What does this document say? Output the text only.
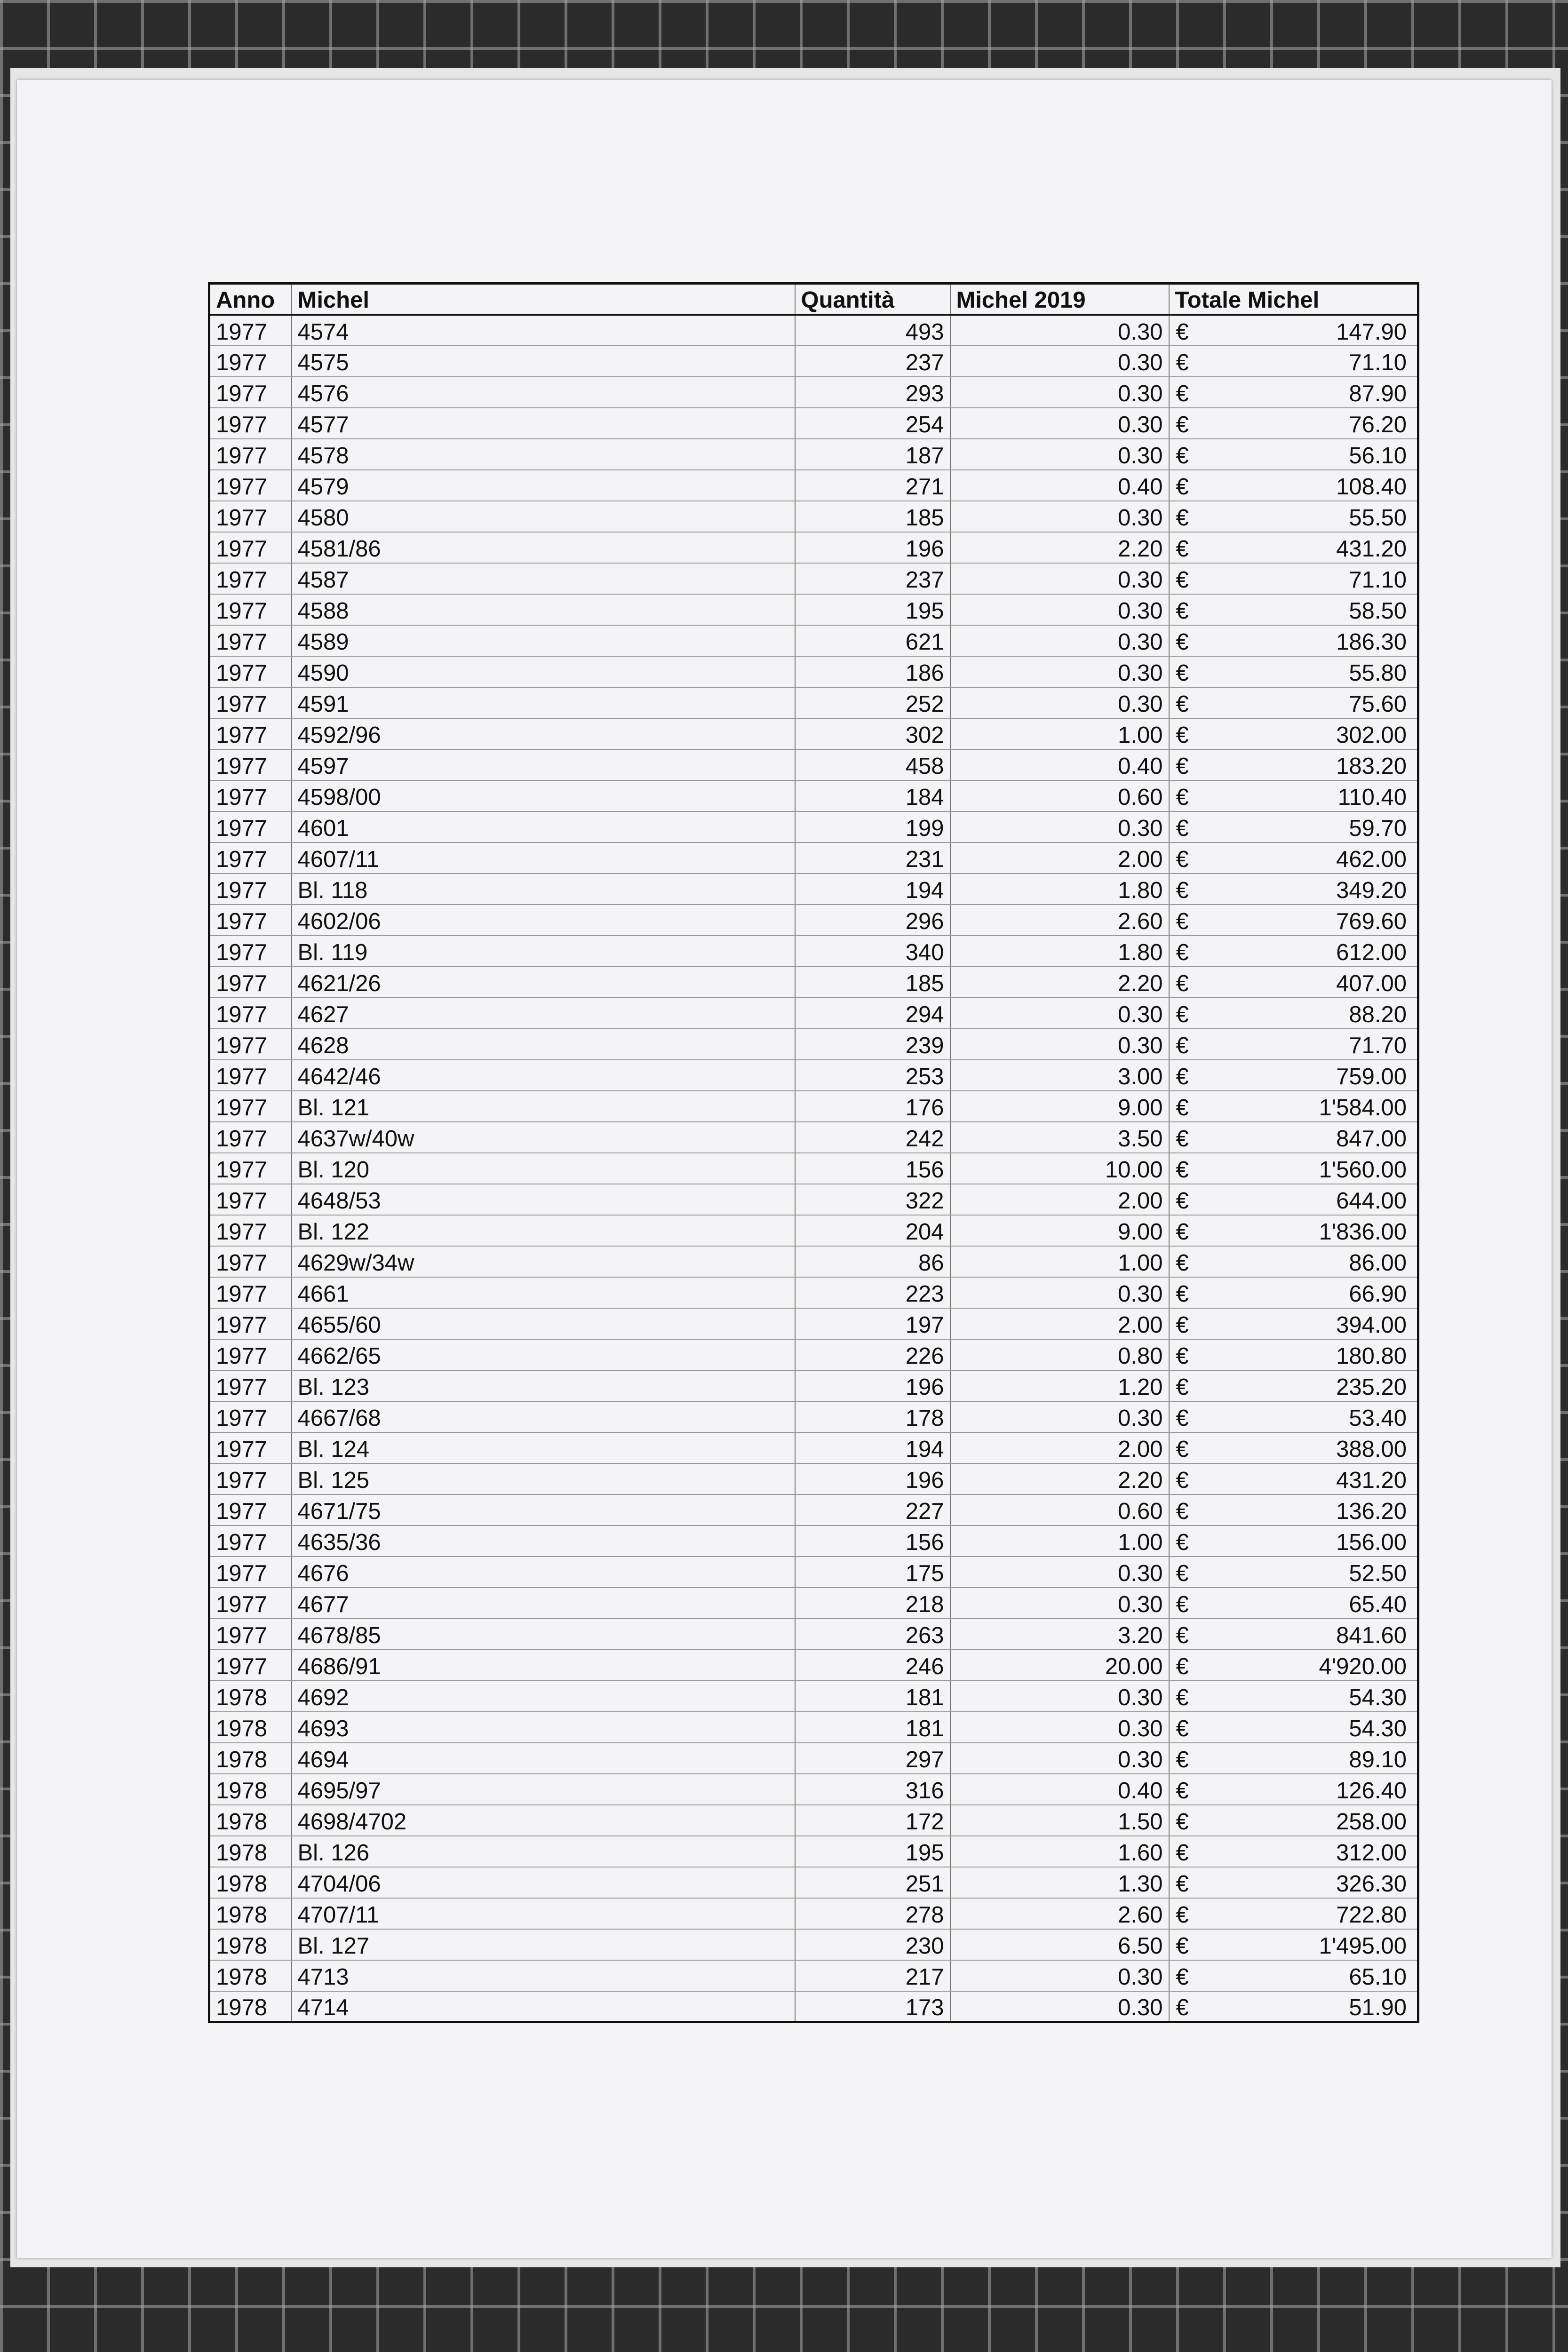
Anno	Michel	Quantità	Michel 2019	Totale Michel	
1977	4574	493	0.30	€	147.90
1977	4575	237	0.30	€	71.10
1977	4576	293	0.30	€	87.90
1977	4577	254	0.30	€	76.20
1977	4578	187	0.30	€	56.10
1977	4579	271	0.40	€	108.40
1977	4580	185	0.30	€	55.50
1977	4581/86	196	2.20	€	431.20
1977	4587	237	0.30	€	71.10
1977	4588	195	0.30	€	58.50
1977	4589	621	0.30	€	186.30
1977	4590	186	0.30	€	55.80
1977	4591	252	0.30	€	75.60
1977	4592/96	302	1.00	€	302.00
1977	4597	458	0.40	€	183.20
1977	4598/00	184	0.60	€	110.40
1977	4601	199	0.30	€	59.70
1977	4607/11	231	2.00	€	462.00
1977	Bl. 118	194	1.80	€	349.20
1977	4602/06	296	2.60	€	769.60
1977	Bl. 119	340	1.80	€	612.00
1977	4621/26	185	2.20	€	407.00
1977	4627	294	0.30	€	88.20
1977	4628	239	0.30	€	71.70
1977	4642/46	253	3.00	€	759.00
1977	Bl. 121	176	9.00	€	1'584.00
1977	4637w/40w	242	3.50	€	847.00
1977	Bl. 120	156	10.00	€	1'560.00
1977	4648/53	322	2.00	€	644.00
1977	Bl. 122	204	9.00	€	1'836.00
1977	4629w/34w	86	1.00	€	86.00
1977	4661	223	0.30	€	66.90
1977	4655/60	197	2.00	€	394.00
1977	4662/65	226	0.80	€	180.80
1977	Bl. 123	196	1.20	€	235.20
1977	4667/68	178	0.30	€	53.40
1977	Bl. 124	194	2.00	€	388.00
1977	Bl. 125	196	2.20	€	431.20
1977	4671/75	227	0.60	€	136.20
1977	4635/36	156	1.00	€	156.00
1977	4676	175	0.30	€	52.50
1977	4677	218	0.30	€	65.40
1977	4678/85	263	3.20	€	841.60
1977	4686/91	246	20.00	€	4'920.00
1978	4692	181	0.30	€	54.30
1978	4693	181	0.30	€	54.30
1978	4694	297	0.30	€	89.10
1978	4695/97	316	0.40	€	126.40
1978	4698/4702	172	1.50	€	258.00
1978	Bl. 126	195	1.60	€	312.00
1978	4704/06	251	1.30	€	326.30
1978	4707/11	278	2.60	€	722.80
1978	Bl. 127	230	6.50	€	1'495.00
1978	4713	217	0.30	€	65.10
1978	4714	173	0.30	€	51.90
